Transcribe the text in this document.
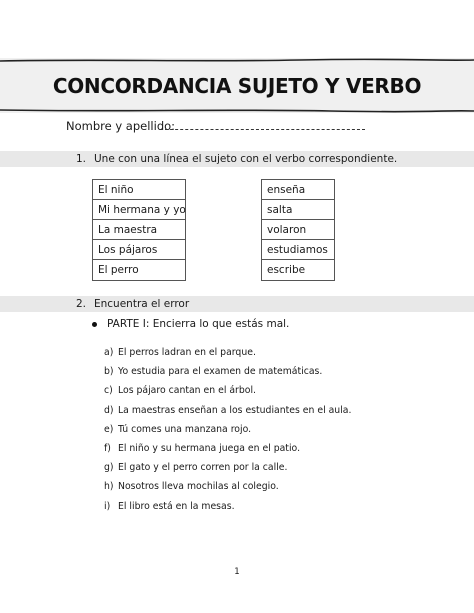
CONCORDANCIA SUJETO Y VERBO
Nombre y apellido:
1. Une con una línea el sujeto con el verbo correspondiente.
El niño
Mi hermana y yo
La maestra
Los pájaros
El perro
enseña
salta
volaron
estudiamos
escribe
2. Encuentra el error
PARTE I: Encierra lo que estás mal.
a) El perros ladran en el parque.
b) Yo estudia para el examen de matemáticas.
c) Los pájaro cantan en el árbol.
d) La maestras enseñan a los estudiantes en el aula.
e) Tú comes una manzana rojo.
f) El niño y su hermana juega en el patio.
g) El gato y el perro corren por la calle.
h) Nosotros lleva mochilas al colegio.
i) El libro está en la mesas.
1
